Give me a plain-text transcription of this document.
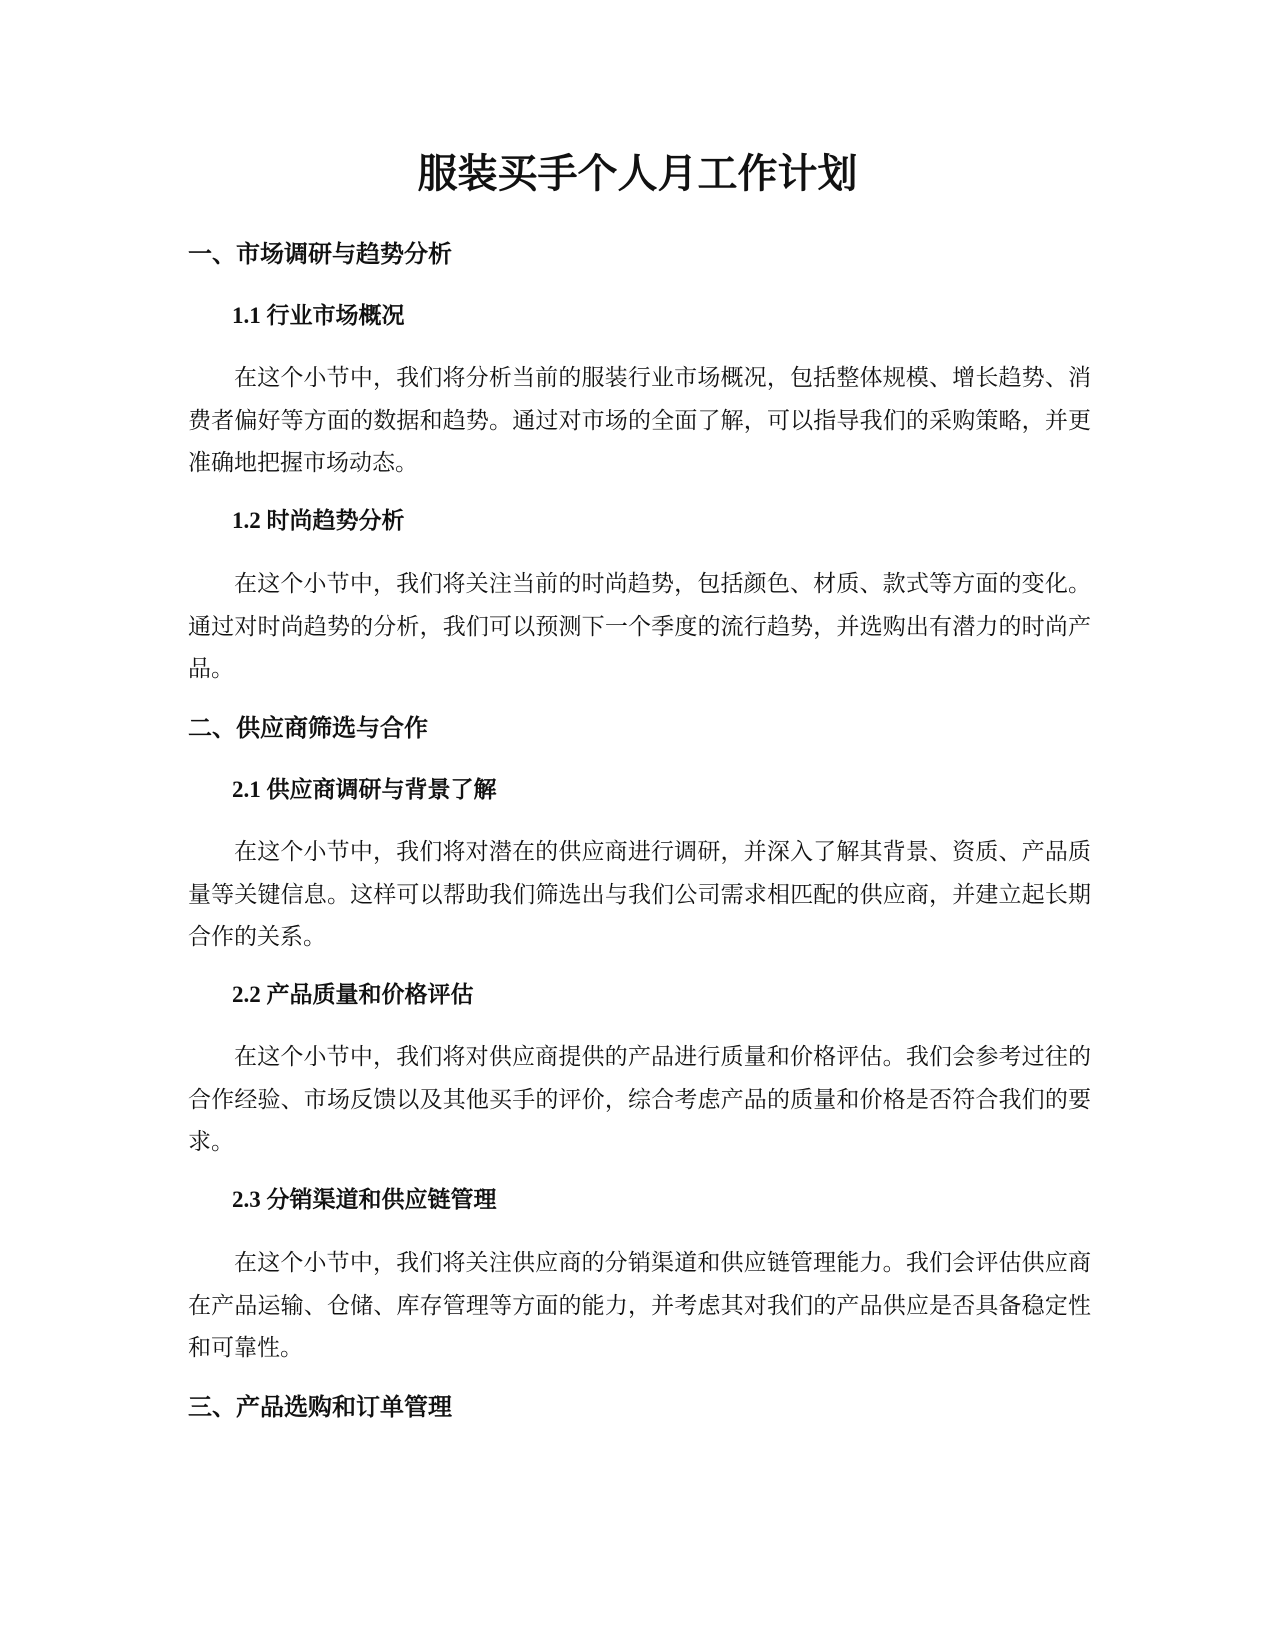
服装买手个人月工作计划
一、市场调研与趋势分析
1.1 行业市场概况

在这个小节中，我们将分析当前的服装行业市场概况，包括整体规模、增长趋势、消费者偏好等方面的数据和趋势。通过对市场的全面了解，可以指导我们的采购策略，并更准确地把握市场动态。

1.2 时尚趋势分析

在这个小节中，我们将关注当前的时尚趋势，包括颜色、材质、款式等方面的变化。通过对时尚趋势的分析，我们可以预测下一个季度的流行趋势，并选购出有潜力的时尚产品。

二、供应商筛选与合作
2.1 供应商调研与背景了解

在这个小节中，我们将对潜在的供应商进行调研，并深入了解其背景、资质、产品质量等关键信息。这样可以帮助我们筛选出与我们公司需求相匹配的供应商，并建立起长期合作的关系。

2.2 产品质量和价格评估

在这个小节中，我们将对供应商提供的产品进行质量和价格评估。我们会参考过往的合作经验、市场反馈以及其他买手的评价，综合考虑产品的质量和价格是否符合我们的要求。

2.3 分销渠道和供应链管理

在这个小节中，我们将关注供应商的分销渠道和供应链管理能力。我们会评估供应商在产品运输、仓储、库存管理等方面的能力，并考虑其对我们的产品供应是否具备稳定性和可靠性。

三、产品选购和订单管理
